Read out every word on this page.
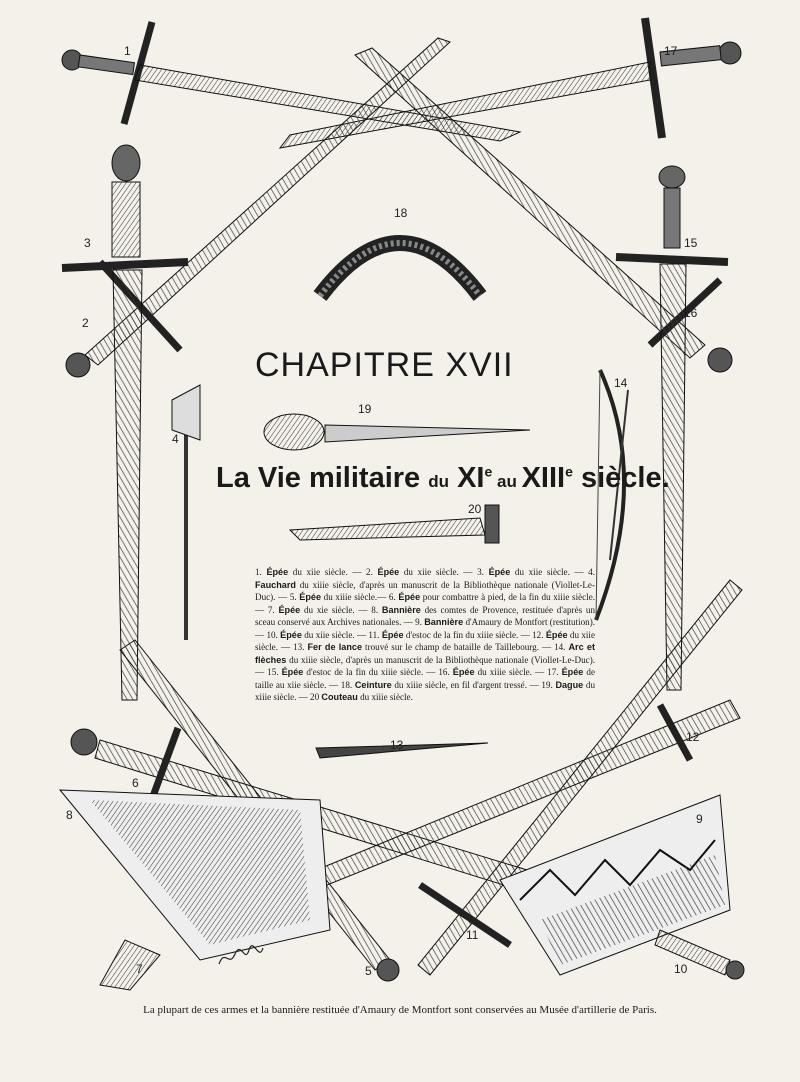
1
2
3
4
5
6
7
8	9
10
11
12
13
14
15
16
17
18
19
20
CHAPITRE XVII
La Vie militaire du XIe au XIIIe siècle.
1. Épée du xiie siècle. — 2. Épée du xiie siècle. — 3. Épée du xiie siècle. — 4. Fauchard du xiiie siècle, d'après un manuscrit de la Bibliothèque nationale (Viollet-Le-Duc). — 5. Épée du xiiie siècle.— 6. Épée pour combattre à pied, de la fin du xiiie siècle. — 7. Épée du xie siècle. — 8. Bannière des comtes de Provence, restituée d'après un sceau conservé aux Archives nationales. — 9. Bannière d'Amaury de Montfort (restitution). — 10. Épée du xiie siècle. — 11. Épée d'estoc de la fin du xiiie siècle. — 12. Épée du xiie siècle. — 13. Fer de lance trouvé sur le champ de bataille de Taillebourg. — 14. Arc et flèches du xiiie siècle, d'après un manuscrit de la Bibliothèque nationale (Viollet-Le-Duc). — 15. Épée d'estoc de la fin du xiiie siècle. — 16. Épée du xiiie siècle. — 17. Épée de taille au xiie siècle. — 18. Ceinture du xiiie siècle, en fil d'argent tressé. — 19. Dague du xiiie siècle. — 20 Couteau du xiiie siècle.
La plupart de ces armes et la bannière restituée d'Amaury de Montfort sont conservées au Musée d'artillerie de Paris.
